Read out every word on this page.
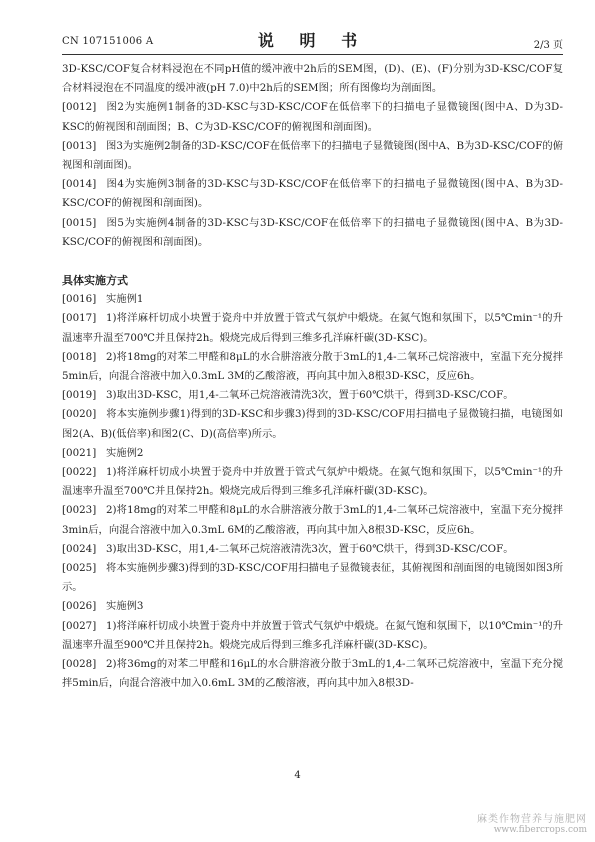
CN 107151006 A	说 明 书	2/3 页

3D-KSC/COF复合材料浸泡在不同pH值的缓冲液中2h后的SEM图，(D)、(E)、(F)分别为3D-KSC/COF复合材料浸泡在不同温度的缓冲液(pH 7.0)中2h后的SEM图；所有图像均为剖面图。

[0012] 图2为实施例1制备的3D-KSC与3D-KSC/COF在低倍率下的扫描电子显微镜图(图中A、D为3D-KSC的俯视图和剖面图；B、C为3D-KSC/COF的俯视图和剖面图)。

[0013] 图3为实施例2制备的3D-KSC/COF在低倍率下的扫描电子显微镜图(图中A、B为3D-KSC/COF的俯视图和剖面图)。

[0014] 图4为实施例3制备的3D-KSC与3D-KSC/COF在低倍率下的扫描电子显微镜图(图中A、B为3D-KSC/COF的俯视图和剖面图)。

[0015] 图5为实施例4制备的3D-KSC与3D-KSC/COF在低倍率下的扫描电子显微镜图(图中A、B为3D-KSC/COF的俯视图和剖面图)。

具体实施方式

[0016] 实施例1

[0017] 1)将洋麻杆切成小块置于瓷舟中并放置于管式气氛炉中煅烧。在氮气饱和氛围下，以5℃min⁻¹的升温速率升温至700℃并且保持2h。煅烧完成后得到三维多孔洋麻杆碳(3D-KSC)。

[0018] 2)将18mg的对苯二甲醛和8μL的水合肼溶液分散于3mL的1,4-二氧环己烷溶液中，室温下充分搅拌5min后，向混合溶液中加入0.3mL 3M的乙酸溶液，再向其中加入8根3D-KSC，反应6h。

[0019] 3)取出3D-KSC，用1,4-二氧环己烷溶液清洗3次，置于60℃烘干，得到3D-KSC/COF。

[0020] 将本实施例步骤1)得到的3D-KSC和步骤3)得到的3D-KSC/COF用扫描电子显微镜扫描，电镜图如图2(A、B)(低倍率)和图2(C、D)(高倍率)所示。

[0021] 实施例2

[0022] 1)将洋麻杆切成小块置于瓷舟中并放置于管式气氛炉中煅烧。在氮气饱和氛围下，以5℃min⁻¹的升温速率升温至700℃并且保持2h。煅烧完成后得到三维多孔洋麻杆碳(3D-KSC)。

[0023] 2)将18mg的对苯二甲醛和8μL的水合肼溶液分散于3mL的1,4-二氧环己烷溶液中，室温下充分搅拌3min后，向混合溶液中加入0.3mL 6M的乙酸溶液，再向其中加入8根3D-KSC，反应6h。

[0024] 3)取出3D-KSC，用1,4-二氧环己烷溶液清洗3次，置于60℃烘干，得到3D-KSC/COF。

[0025] 将本实施例步骤3)得到的3D-KSC/COF用扫描电子显微镜表征，其俯视图和剖面图的电镜图如图3所示。

[0026] 实施例3

[0027] 1)将洋麻杆切成小块置于瓷舟中并放置于管式气氛炉中煅烧。在氮气饱和氛围下，以10℃min⁻¹的升温速率升温至900℃并且保持2h。煅烧完成后得到三维多孔洋麻杆碳(3D-KSC)。

[0028] 2)将36mg的对苯二甲醛和16μL的水合肼溶液分散于3mL的1,4-二氧环己烷溶液中，室温下充分搅拌5min后，向混合溶液中加入0.6mL 3M的乙酸溶液，再向其中加入8根3D-

4
麻类作物营养与施肥网
www.fibercrops.com
